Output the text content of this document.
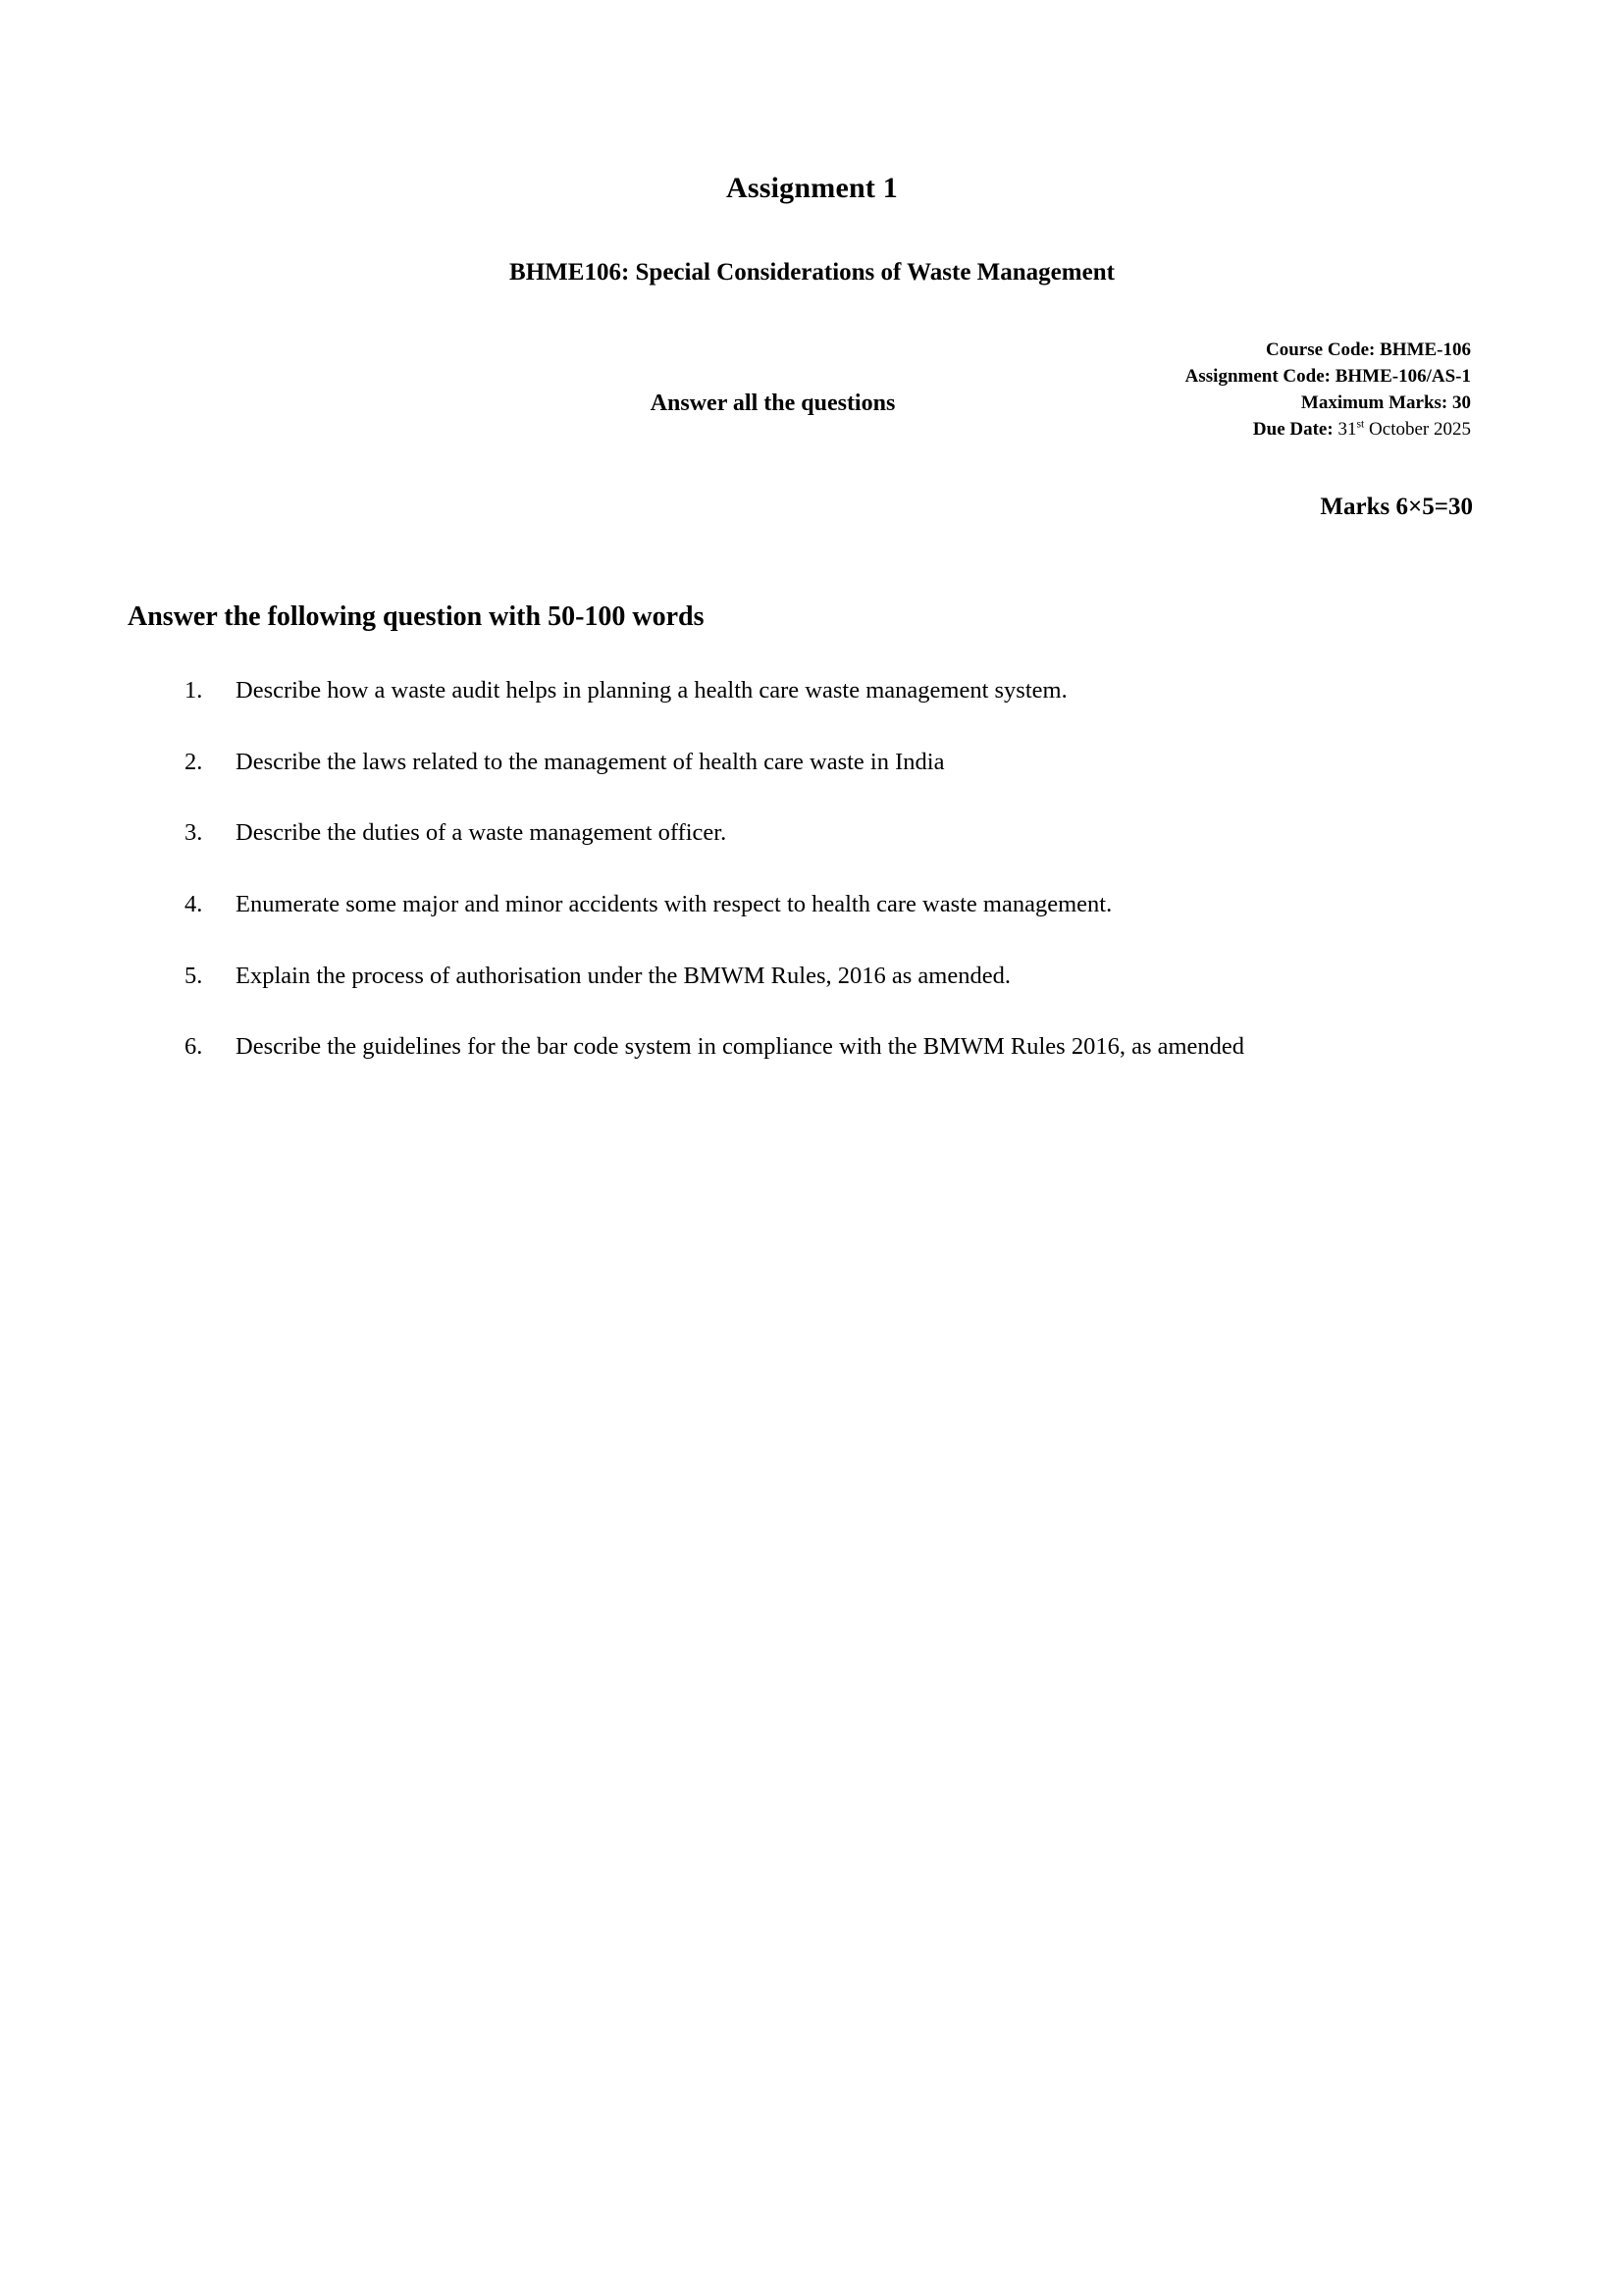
Assignment 1
BHME106: Special Considerations of Waste Management
Course Code: BHME-106
Assignment Code: BHME-106/AS-1
Maximum Marks: 30
Due Date: 31st October 2025
Answer all the questions
Marks 6×5=30
Answer the following question with 50-100 words
Describe how a waste audit helps in planning a health care waste management system.
Describe the laws related to the management of health care waste in India
Describe the duties of a waste management officer.
Enumerate some major and minor accidents with respect to health care waste management.
Explain the process of authorisation under the BMWM Rules, 2016 as amended.
Describe the guidelines for the bar code system in compliance with the BMWM Rules 2016, as amended
